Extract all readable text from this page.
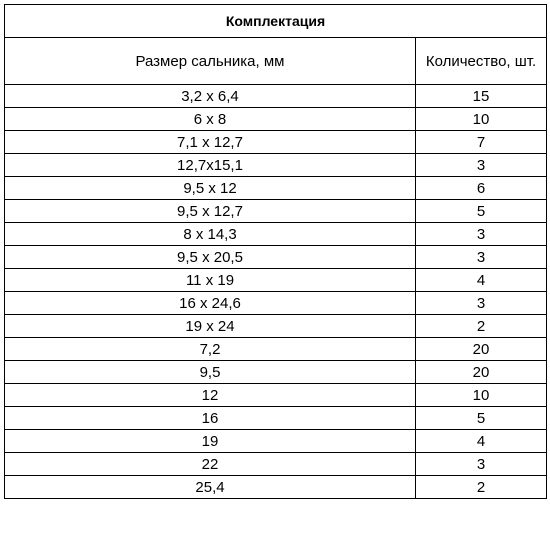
Комплектация	
Размер сальника, мм	Количество, шт.
3,2 х 6,4	15
6 х 8	10
7,1 х 12,7	7
12,7х15,1	3
9,5 х 12	6
9,5 х 12,7	5
8 х 14,3	3
9,5 х 20,5	3
11 х 19	4
16 х 24,6	3
19 х 24	2
7,2	20
9,5	20
12	10
16	5
19	4
22	3
25,4	2
